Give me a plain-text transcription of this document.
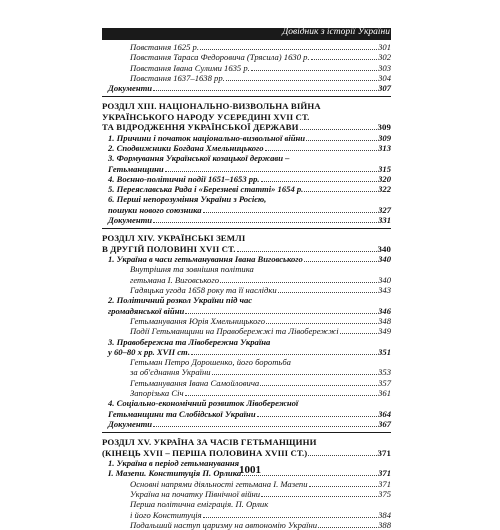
Довідник з історії України
Повстання 1625 р.	301
Повстання Тараса Федоровича (Трясила) 1630 р.	302
Повстання Івана Сулими 1635 р.	303
Повстання 1637–1638 рр.	304
Документи	307
РОЗДІЛ XIII. НАЦІОНАЛЬНО-ВИЗВОЛЬНА ВІЙНА
УКРАЇНСЬКОГО НАРОДУ УСЕРЕДИНІ XVII СТ.
ТА ВІДРОДЖЕННЯ УКРАЇНСЬКОЇ ДЕРЖАВИ	309
1. Причини і початок національно-визвольної війни	309
2. Сподвижники Богдана Хмельницького	313
3. Формування Української козацької держави –
Гетьманщини	315
4. Воєнно-політичні події 1651–1653 рр.	320
5. Переяславська Рада і «Березневі статті» 1654 р.	322
6. Перші непорозуміння України з Росією,
пошуки нового союзника	327
Документи	331
РОЗДІЛ XIV. УКРАЇНСЬКІ ЗЕМЛІ
В ДРУГІЙ ПОЛОВИНІ XVII СТ.	340
1. Україна в часи гетьманування Івана Виговського	340
Внутрішня та зовнішня політика
гетьмана І. Виговського	340
Гадяцька угода 1658 року та її наслідки	343
2. Політичний розкол України під час
громадянської війни	346
Гетьманування Юрія Хмельницького	348
Події Гетьманщини на Правобережжі та Лівобережжі	349
3. Правобережна та Лівобережна Україна
у 60–80 х рр. XVII ст.	351
Гетьман Петро Дорошенко, його боротьба
за об'єднання України	353
Гетьманування Івана Самойловича	357
Запорізька Січ	361
4. Соціально-економічний розвиток Лівобережної
Гетьманщини та Слобідської України	364
Документи	367
РОЗДІЛ XV. УКРАЇНА ЗА ЧАСІВ ГЕТЬМАНЩИНИ
(КІНЕЦЬ XVII – ПЕРША ПОЛОВИНА XVIII СТ.)	371
1. Україна в період гетьманування
І. Мазепи. Конституція П. Орлика	371
Основні напрями діяльності гетьмана І. Мазепи	371
Україна на початку Північної війни	375
Перша політична еміграція. П. Орлик
і його Конституція	384
Подальший наступ царизму на автономію України	388
1001
